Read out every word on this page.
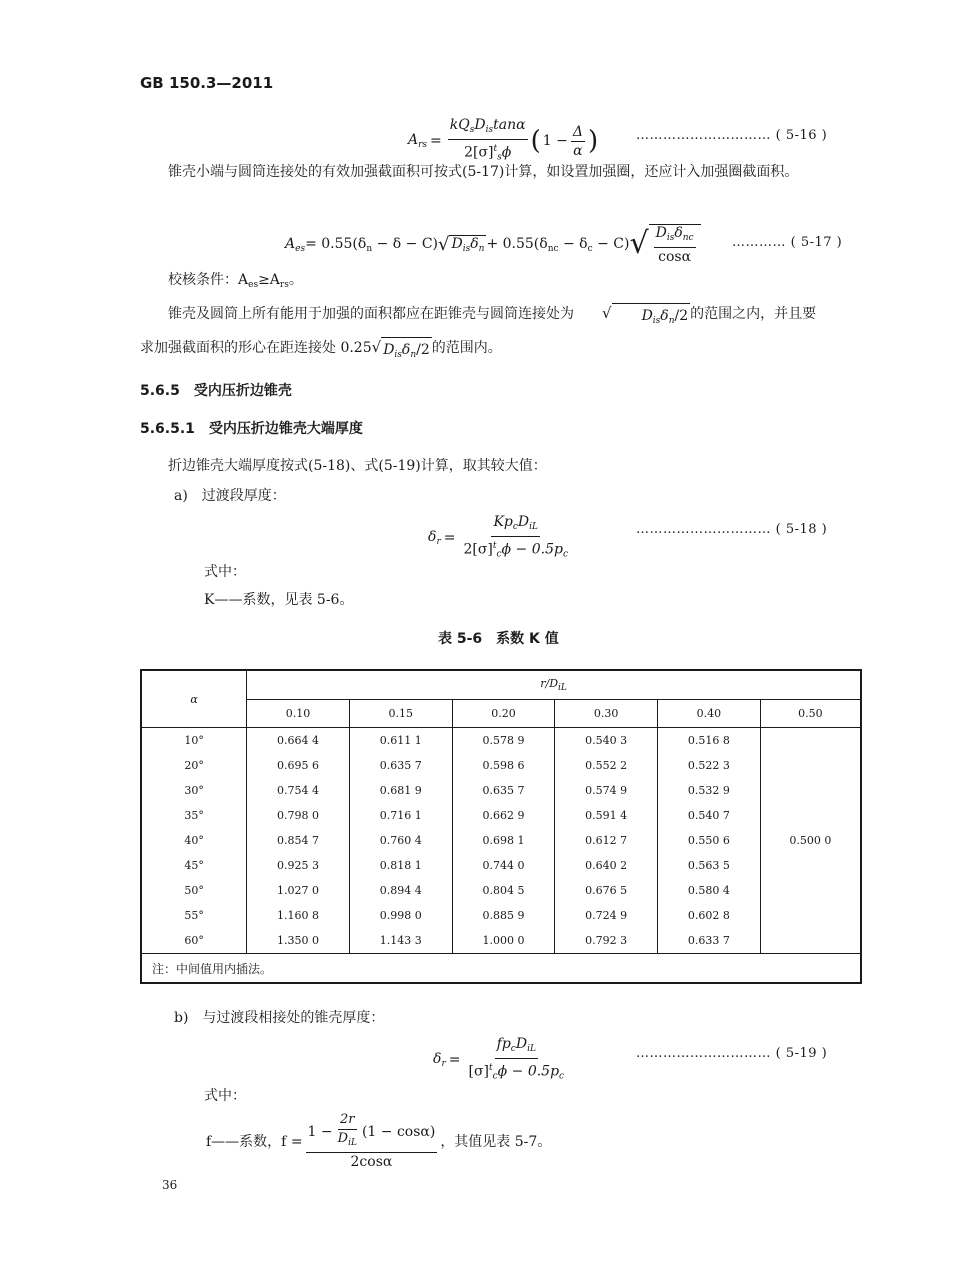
GB 150.3—2011
$A_{rs} = \frac{kQ_sD_{is}\tan\alpha}{2[\sigma]^t_s\phi}$ ( $1 - \frac{\Delta}{\alpha}$ )	………………………… ( 5-16 )
锥壳小端与圆筒连接处的有效加强截面积可按式(5-17)计算，如设置加强圈，还应计入加强圈截面积。
$A_{es} = 0.55(\delta_n - \delta - C)$ √ $D_{is}\delta_n + 0.55(\delta_{nc} - \delta_c - C)$ √ $\frac{D_{is}\delta_{nc}}{\cos\alpha}$	………… ( 5-17 )
校核条件：$A_{es}\ge A_{rs}$。
锥壳及圆筒上所有能用于加强的面积都应在距锥壳与圆筒连接处为	√	$D_{is}\delta_n/2$ 的范围之内，并且要
求加强截面积的形心在距连接处 0.25 √ $D_{is}\delta_n/2$ 的范围内。
5.6.5　受内压折边锥壳
5.6.5.1　受内压折边锥壳大端厚度
折边锥壳大端厚度按式(5-18)、式(5-19)计算，取其较大值：
a)　过渡段厚度：
$\delta_r = \frac{Kp_cD_{iL}}{2[\sigma]^t_c\phi - 0.5p_c}$	………………………… ( 5-18 )
式中：
K——系数，见表 5-6。
表 5-6　系数 K 值
α	$r/D_{iL}$
	0.10	0.15	0.20	0.30	0.40	0.50
10°	0.664 4	0.611 1	0.578 9	0.540 3	0.516 8	0.500 0
20°	0.695 6	0.635 7	0.598 6	0.552 2	0.522 3	
30°	0.754 4	0.681 9	0.635 7	0.574 9	0.532 9	
35°	0.798 0	0.716 1	0.662 9	0.591 4	0.540 7	
40°	0.854 7	0.760 4	0.698 1	0.612 7	0.550 6	
45°	0.925 3	0.818 1	0.744 0	0.640 2	0.563 5	
50°	1.027 0	0.894 4	0.804 5	0.676 5	0.580 4	
55°	1.160 8	0.998 0	0.885 9	0.724 9	0.602 8	
60°	1.350 0	1.143 3	1.000 0	0.792 3	0.633 7	
注：中间值用内插法。						
b)　与过渡段相接处的锥壳厚度：
$\delta_r = \frac{fp_cD_{iL}}{[\sigma]^t_c\phi - 0.5p_c}$	………………………… ( 5-19 )
式中：
f——系数，$f = \frac{1 - \frac{2r}{D_{iL}} (1 - \cos\alpha)}{2\cos\alpha}$ ，其值见表 5-7。
36
